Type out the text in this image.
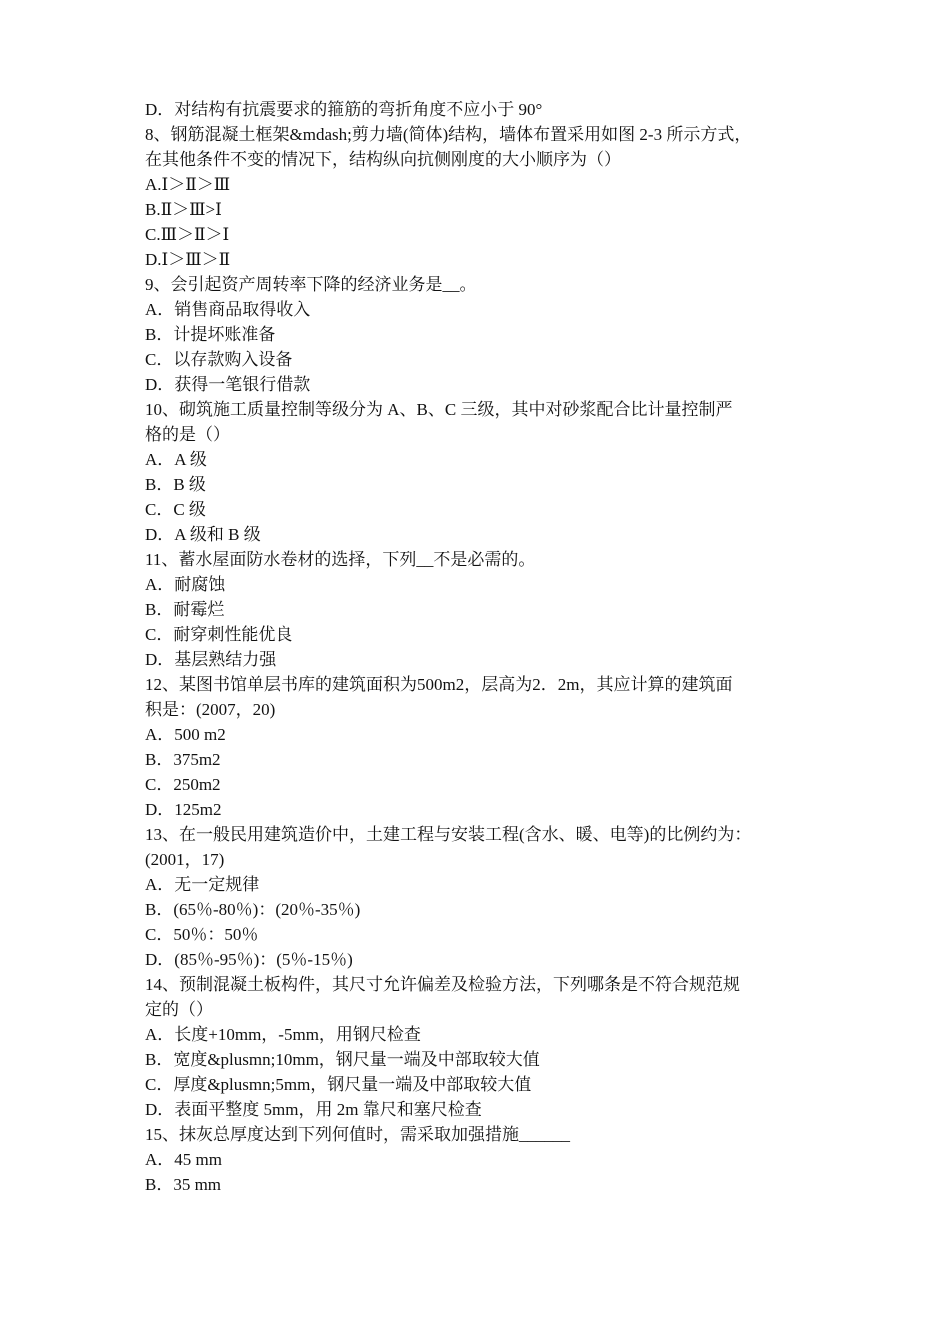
D．对结构有抗震要求的箍筋的弯折角度不应小于 90°
8、钢筋混凝土框架&mdash;剪力墙(简体)结构，墙体布置采用如图 2-3 所示方式，
在其他条件不变的情况下，结构纵向抗侧刚度的大小顺序为（）
A.Ⅰ＞Ⅱ＞Ⅲ
B.Ⅱ＞Ⅲ>Ⅰ
C.Ⅲ＞Ⅱ＞Ⅰ
D.Ⅰ＞Ⅲ＞Ⅱ
9、会引起资产周转率下降的经济业务是__。
A．销售商品取得收入
B．计提坏账准备
C．以存款购入设备
D．获得一笔银行借款
10、砌筑施工质量控制等级分为 A、B、C 三级，其中对砂浆配合比计量控制严
格的是（）
A．A 级
B．B 级
C．C 级
D．A 级和 B 级
11、蓄水屋面防水卷材的选择，下列__不是必需的。
A．耐腐蚀
B．耐霉烂
C．耐穿刺性能优良
D．基层熟结力强
12、某图书馆单层书库的建筑面积为500m2，层高为2．2m，其应计算的建筑面
积是：(2007，20)
A．500 m2
B．375m2
C．250m2
D．125m2
13、在一般民用建筑造价中，土建工程与安装工程(含水、暖、电等)的比例约为：
(2001，17)
A．无一定规律
B．(65％-80％)：(20％-35％)
C．50％：50％
D．(85％-95％)：(5％-15％)
14、预制混凝土板构件，其尺寸允许偏差及检验方法，下列哪条是不符合规范规
定的（）
A．长度+10mm，-5mm，用钢尺检查
B．宽度&plusmn;10mm，钢尺量一端及中部取较大值
C．厚度&plusmn;5mm，钢尺量一端及中部取较大值
D．表面平整度 5mm，用 2m 靠尺和塞尺检查
15、抹灰总厚度达到下列何值时，需采取加强措施______
A．45 mm
B．35 mm
